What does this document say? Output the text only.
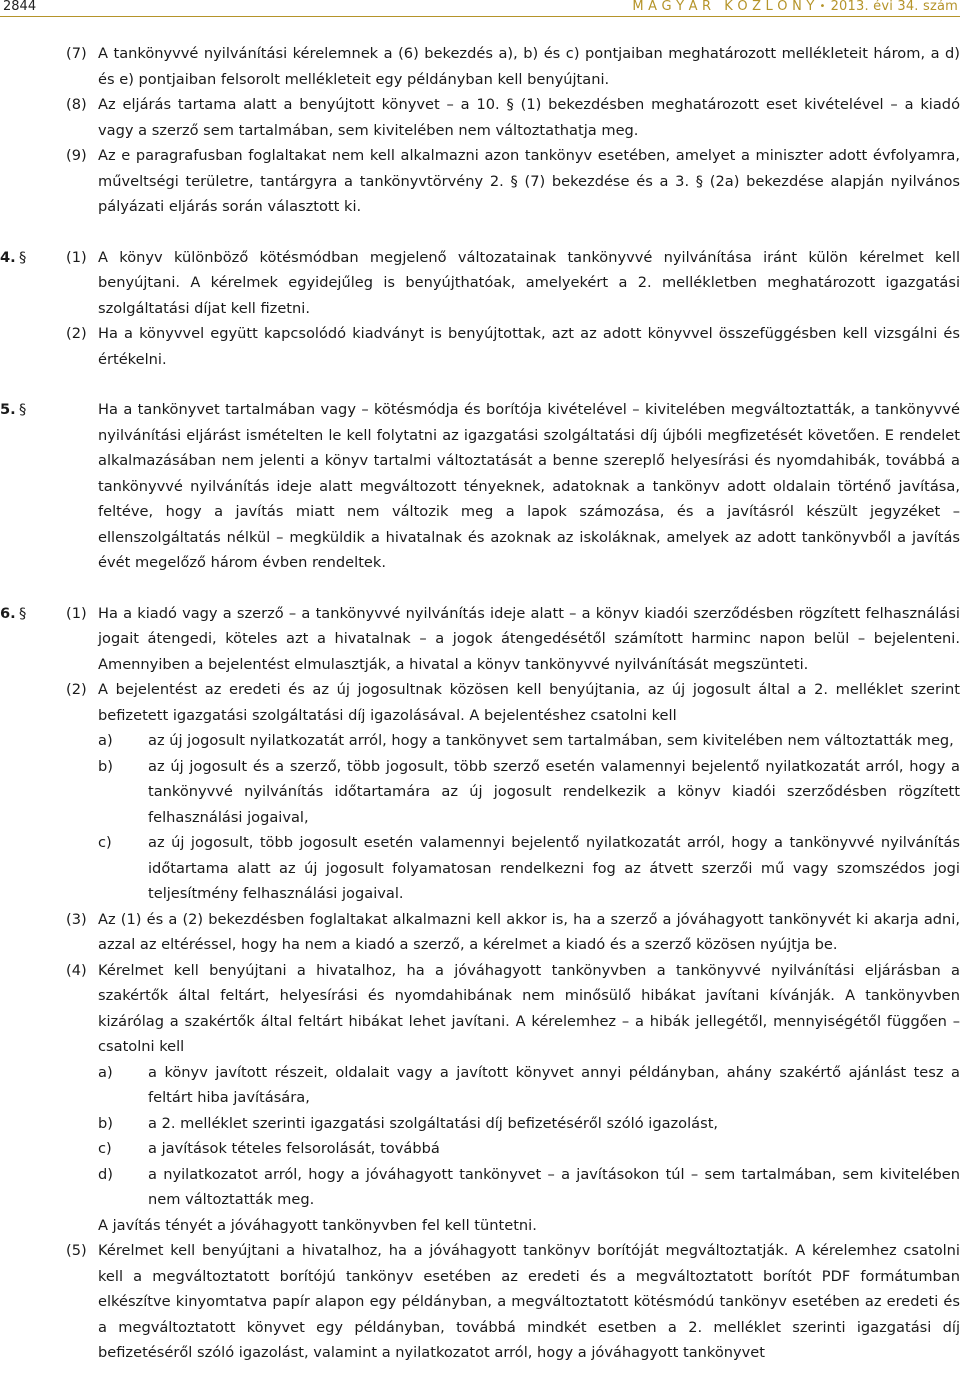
2844	M A G Y A R   K Ö Z L Ö N Y • 2013. évi 34. szám
(7) A tankönyvvé nyilvánítási kérelemnek a (6) bekezdés a), b) és c) pontjaiban meghatározott mellékleteit három, a d) és e) pontjaiban felsorolt mellékleteit egy példányban kell benyújtani.
(8) Az eljárás tartama alatt a benyújtott könyvet – a 10. § (1) bekezdésben meghatározott eset kivételével – a kiadó vagy a szerző sem tartalmában, sem kivitelében nem változtathatja meg.
(9) Az e paragrafusban foglaltakat nem kell alkalmazni azon tankönyv esetében, amelyet a miniszter adott évfolyamra, műveltségi területre, tantárgyra a tankönyvtörvény 2. § (7) bekezdése és a 3. § (2a) bekezdése alapján nyilvános pályázati eljárás során választott ki.
4. §	(1) A könyv különböző kötésmódban megjelenő változatainak tankönyvvé nyilvánítása iránt külön kérelmet kell benyújtani. A kérelmek egyidejűleg is benyújthatóak, amelyekért a 2. mellékletben meghatározott igazgatási szolgáltatási díjat kell fizetni.
(2) Ha a könyvvel együtt kapcsolódó kiadványt is benyújtottak, azt az adott könyvvel összefüggésben kell vizsgálni és értékelni.
5. §	Ha a tankönyvet tartalmában vagy – kötésmódja és borítója kivételével – kivitelében megváltoztatták, a tankönyvvé nyilvánítási eljárást ismételten le kell folytatni az igazgatási szolgáltatási díj újbóli megfizetését követően. E rendelet alkalmazásában nem jelenti a könyv tartalmi változtatását a benne szereplő helyesírási és nyomdahibák, továbbá a tankönyvvé nyilvánítás ideje alatt megváltozott tényeknek, adatoknak a tankönyv adott oldalain történő javítása, feltéve, hogy a javítás miatt nem változik meg a lapok számozása, és a javításról készült jegyzéket – ellenszolgáltatás nélkül – megküldik a hivatalnak és azoknak az iskoláknak, amelyek az adott tankönyvből a javítás évét megelőző három évben rendeltek.
6. §	(1) Ha a kiadó vagy a szerző – a tankönyvvé nyilvánítás ideje alatt – a könyv kiadói szerződésben rögzített felhasználási jogait átengedi, köteles azt a hivatalnak – a jogok átengedésétől számított harminc napon belül – bejelenteni. Amennyiben a bejelentést elmulasztják, a hivatal a könyv tankönyvvé nyilvánítását megszünteti.
(2) A bejelentést az eredeti és az új jogosultnak közösen kell benyújtania, az új jogosult által a 2. melléklet szerint befizetett igazgatási szolgáltatási díj igazolásával. A bejelentéshez csatolni kell
a) az új jogosult nyilatkozatát arról, hogy a tankönyvet sem tartalmában, sem kivitelében nem változtatták meg,
b) az új jogosult és a szerző, több jogosult, több szerző esetén valamennyi bejelentő nyilatkozatát arról, hogy a tankönyvvé nyilvánítás időtartamára az új jogosult rendelkezik a könyv kiadói szerződésben rögzített felhasználási jogaival,
c) az új jogosult, több jogosult esetén valamennyi bejelentő nyilatkozatát arról, hogy a tankönyvvé nyilvánítás időtartama alatt az új jogosult folyamatosan rendelkezni fog az átvett szerzői mű vagy szomszédos jogi teljesítmény felhasználási jogaival.
(3) Az (1) és a (2) bekezdésben foglaltakat alkalmazni kell akkor is, ha a szerző a jóváhagyott tankönyvét ki akarja adni, azzal az eltéréssel, hogy ha nem a kiadó a szerző, a kérelmet a kiadó és a szerző közösen nyújtja be.
(4) Kérelmet kell benyújtani a hivatalhoz, ha a jóváhagyott tankönyvben a tankönyvvé nyilvánítási eljárásban a szakértők által feltárt, helyesírási és nyomdahibának nem minősülő hibákat javítani kívánják. A tankönyvben kizárólag a szakértők által feltárt hibákat lehet javítani. A kérelemhez – a hibák jellegétől, mennyiségétől függően – csatolni kell
a) a könyv javított részeit, oldalait vagy a javított könyvet annyi példányban, ahány szakértő ajánlást tesz a feltárt hiba javítására,
b) a 2. melléklet szerinti igazgatási szolgáltatási díj befizetéséről szóló igazolást,
c) a javítások tételes felsorolását, továbbá
d) a nyilatkozatot arról, hogy a jóváhagyott tankönyvet – a javításokon túl – sem tartalmában, sem kivitelében nem változtatták meg.
A javítás tényét a jóváhagyott tankönyvben fel kell tüntetni.
(5) Kérelmet kell benyújtani a hivatalhoz, ha a jóváhagyott tankönyv borítóját megváltoztatják. A kérelemhez csatolni kell a megváltoztatott borítójú tankönyv esetében az eredeti és a megváltoztatott borítót PDF formátumban elkészítve kinyomtatva papír alapon egy példányban, a megváltoztatott kötésmódú tankönyv esetében az eredeti és a megváltoztatott könyvet egy példányban, továbbá mindkét esetben a 2. melléklet szerinti igazgatási díj befizetéséről szóló igazolást, valamint a nyilatkozatot arról, hogy a jóváhagyott tankönyvet
